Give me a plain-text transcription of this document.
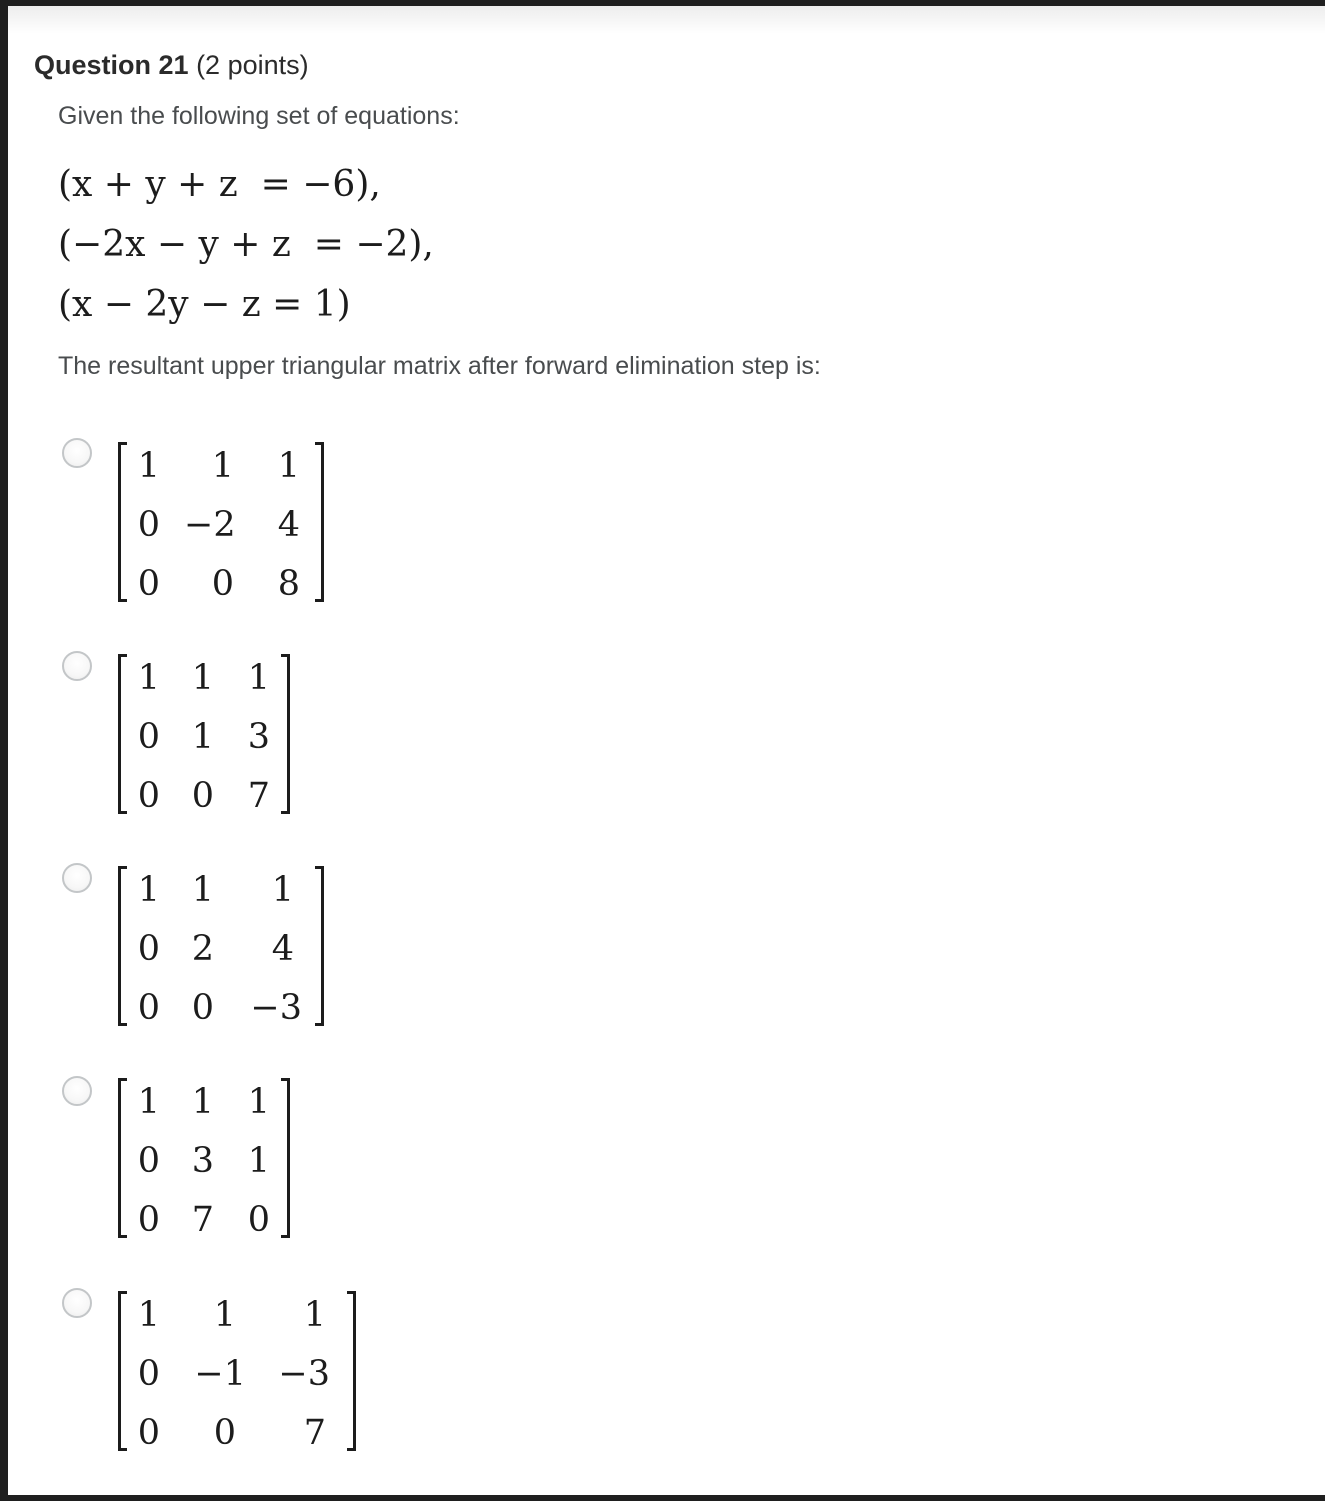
Question 21 (2 points)
Given the following set of equations:
(x + y + z  = −6),
(−2x − y + z  = −2),
(x − 2y − z = 1)
The resultant upper triangular matrix after forward elimination step is:
1	1 1
0 −2 4
0	0 8
1 1 1
0 1 3
0 0 7
1 1	1
0 2	4
0 0 −3
1 1 1
0 3 1
0 7 0
1	1	1
0 −1 −3
0	0	7
